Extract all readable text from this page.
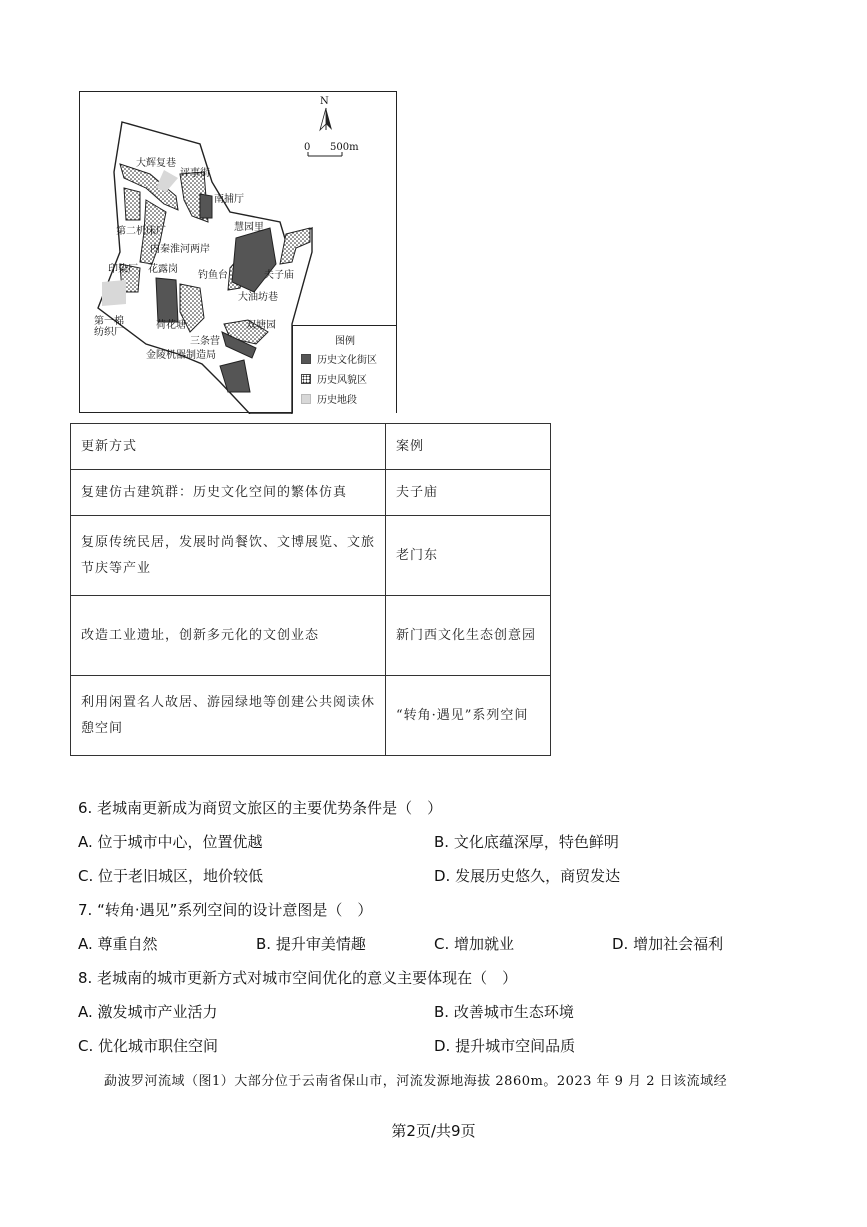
N
0 500m
大辉复巷
评事街
南捕厅
慧园里
第二机床厂
内秦淮河两岸
印染厂 花露岗
钓鱼台	夫子庙
大油坊巷
第一棉
纺织厂
荷花塘	双塘园
三条营
金陵机器制造局
图例
历史文化街区
历史风貌区
历史地段
更新方式	案例
复建仿古建筑群：历史文化空间的繁体仿真	夫子庙
复原传统民居，发展时尚餐饮、文博展览、文旅节庆等产业	老门东
改造工业遗址，创新多元化的文创业态	新门西文化生态创意园
利用闲置名人故居、游园绿地等创建公共阅读休憩空间	“转角·遇见”系列空间
6. 老城南更新成为商贸文旅区的主要优势条件是（　）
A. 位于城市中心，位置优越	B. 文化底蕴深厚，特色鲜明
C. 位于老旧城区，地价较低	D. 发展历史悠久，商贸发达
7. “转角·遇见”系列空间的设计意图是（　）
A. 尊重自然	B. 提升审美情趣	C. 增加就业	D. 增加社会福利
8. 老城南的城市更新方式对城市空间优化的意义主要体现在（　）
A. 激发城市产业活力	B. 改善城市生态环境
C. 优化城市职住空间	D. 提升城市空间品质
勐波罗河流域（图1）大部分位于云南省保山市，河流发源地海拔 2860m。2023 年 9 月 2 日该流域经
第2页/共9页
